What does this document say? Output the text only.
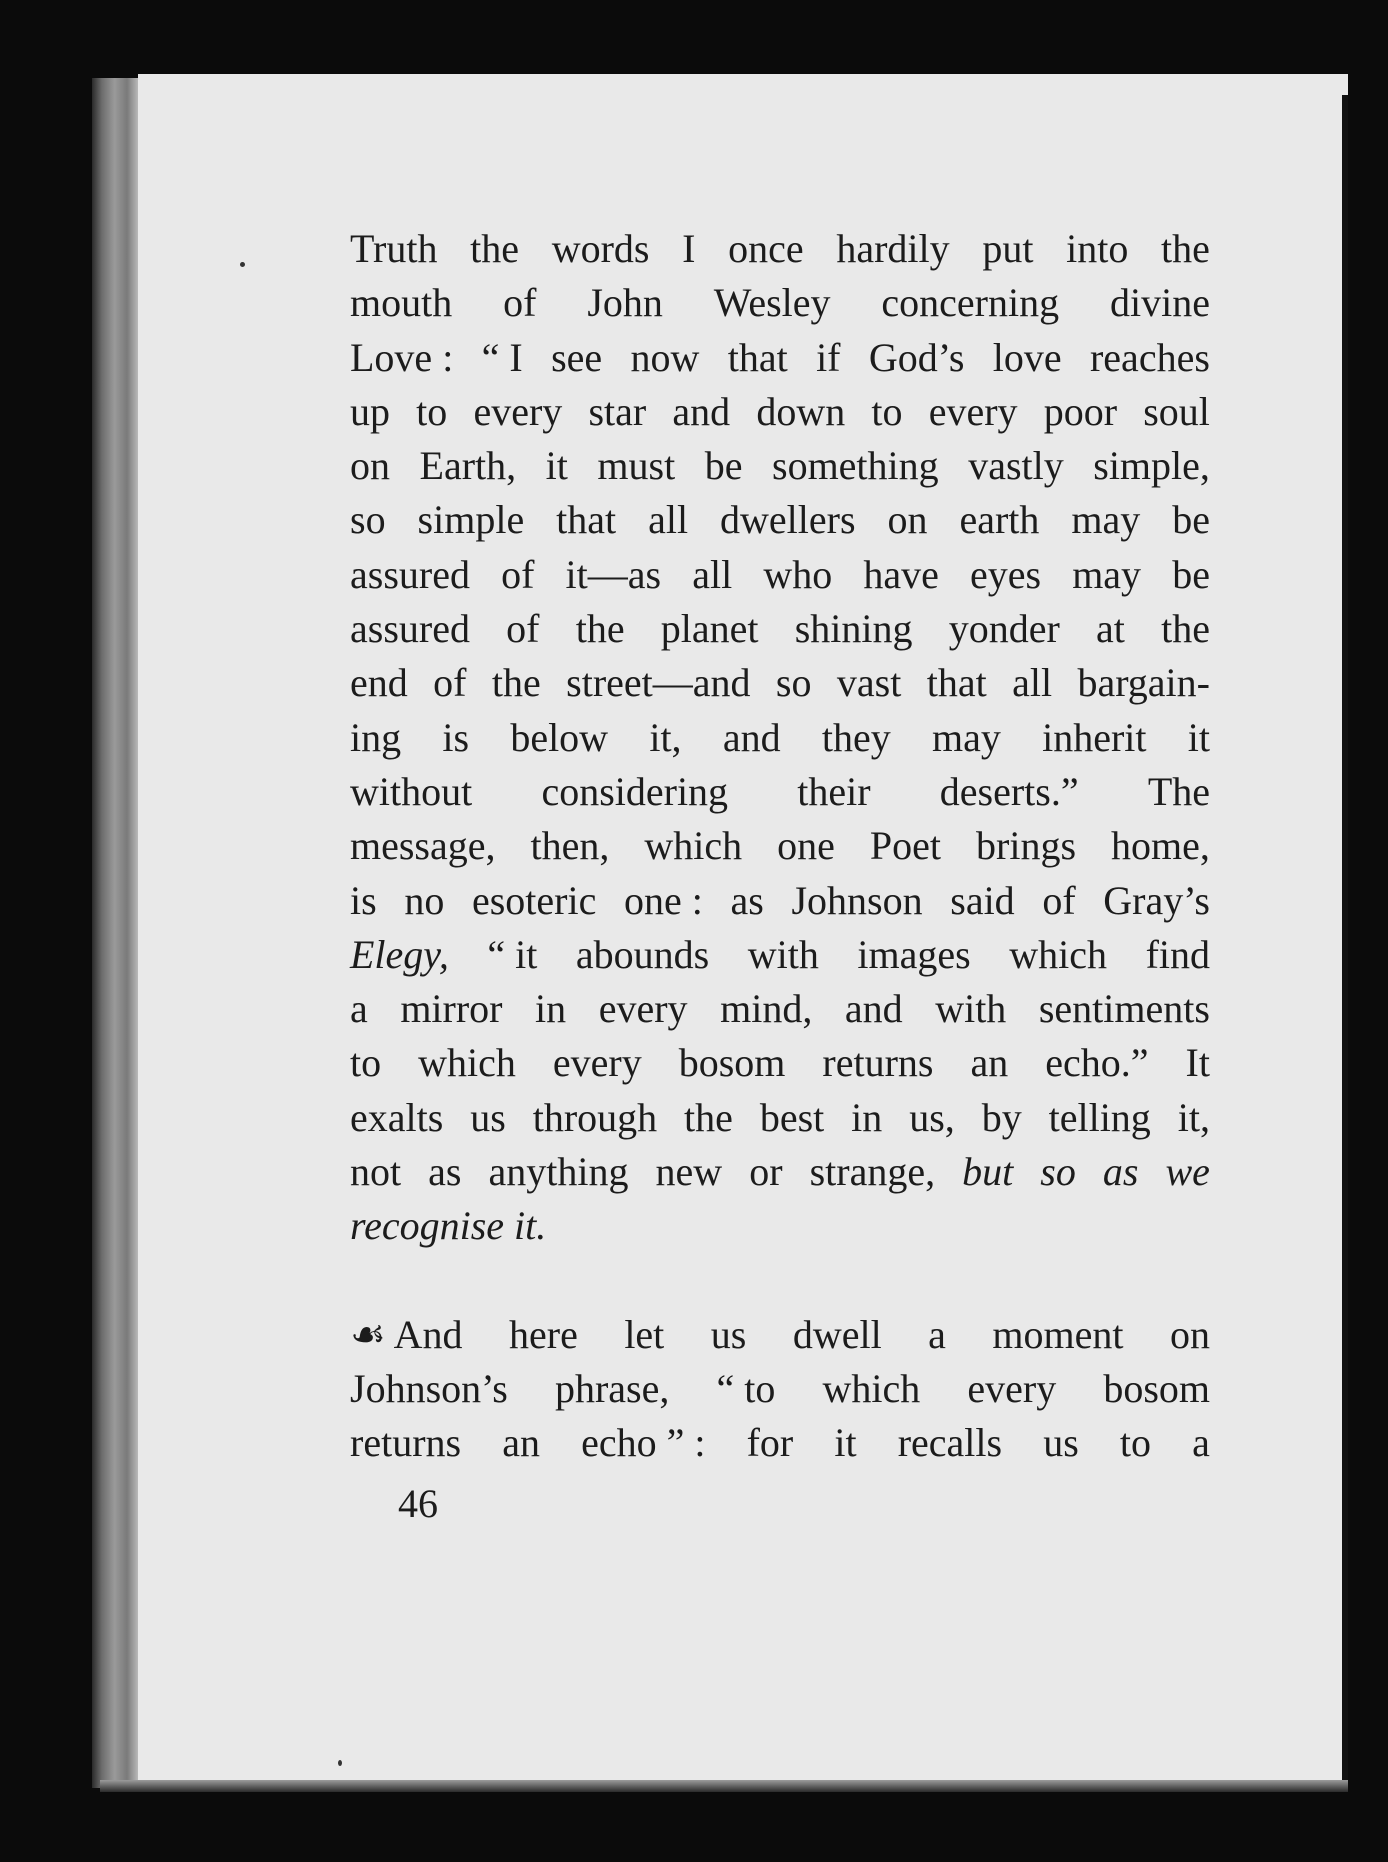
Truth the words I once hardily put into the
mouth of John Wesley concerning divine
Love : “ I see now that if God’s love reaches
up to every star and down to every poor soul
on Earth, it must be something vastly simple,
so simple that all dwellers on earth may be
assured of it—as all who have eyes may be
assured of the planet shining yonder at the
end of the street—and so vast that all bargain-
ing is below it, and they may inherit it
without considering their deserts.” The
message, then, which one Poet brings home,
is no esoteric one : as Johnson said of Gray’s
Elegy, “ it abounds with images which find
a mirror in every mind, and with sentiments
to which every bosom returns an echo.” It
exalts us through the best in us, by telling it,
not as anything new or strange, but so as we
recognise it.
☙ And here let us dwell a moment on
Johnson’s phrase, “ to which every bosom
returns an echo ” : for it recalls us to a
46
